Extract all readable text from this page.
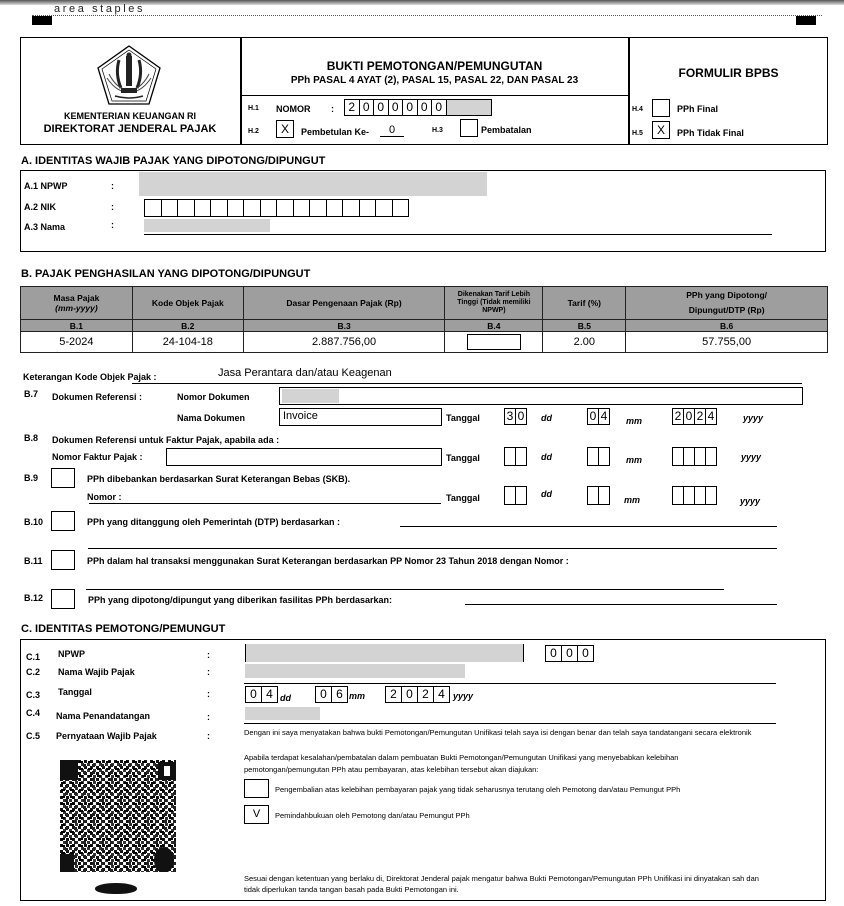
area staples
KEMENTERIAN KEUANGAN RI
DIREKTORAT JENDERAL PAJAK
BUKTI PEMOTONGAN/PEMUNGUTAN
PPh PASAL 4 AYAT (2), PASAL 15, PASAL 22, DAN PASAL 23
FORMULIR BPBS
H.1 NOMOR :	2 0 0 0 0 0 0
H.2	X	Pembetulan Ke-	0	H.3	Pembatalan
H.4	PPh Final
H.5	X	PPh Tidak Final
A. IDENTITAS WAJIB PAJAK YANG DIPOTONG/DIPUNGUT
A.1 NPWP	:
A.2 NIK	:
A.3 Nama	:
B. PAJAK PENGHASILAN YANG DIPOTONG/DIPUNGUT
Masa Pajak
(mm-yyyy)	Kode Objek Pajak	Dasar Pengenaan Pajak (Rp)	Dikenakan Tarif Lebih Tinggi (Tidak memiliki NPWP)	Tarif (%)	PPh yang Dipotong/
Dipungut/DTP (Rp)
B.1	B.2	B.3	B.4	B.5	B.6
5-2024	24-104-18	2.887.756,00		2.00	57.755,00
Keterangan Kode Objek Pajak :	Jasa Perantara dan/atau Keagenan
B.7 Dokumen Referensi :	Nomor Dokumen
Nama Dokumen	Invoice	Tanggal 3 0 dd	0 4 mm	2 0 2 4	yyyy
B.8 Dokumen Referensi untuk Faktur Pajak, apabila ada :
Nomor Faktur Pajak :	Tanggal	dd	mm	yyyy
B.9	PPh dibebankan berdasarkan Surat Keterangan Bebas (SKB).
Nomor :	Tanggal	dd
mm	yyyy
B.10	PPh yang ditanggung oleh Pemerintah (DTP) berdasarkan :
B.11	PPh dalam hal transaksi menggunakan Surat Keterangan berdasarkan PP Nomor 23 Tahun 2018 dengan Nomor :
B.12	PPh yang dipotong/dipungut yang diberikan fasilitas PPh berdasarkan:
C. IDENTITAS PEMOTONG/PEMUNGUT
C.1 NPWP	:	0 0 0
C.2 Nama Wajib Pajak	:
C.3 Tanggal	:	0 4 dd	0 6 mm	2 0 2 4 yyyy
C.4 Nama Penandatangan	:
C.5 Pernyataan Wajib Pajak	:	Dengan ini saya menyatakan bahwa bukti Pemotongan/Pemungutan Unifikasi telah saya isi dengan benar dan telah saya tandatangani secara elektronik
Apabila terdapat kesalahan/pembatalan dalam pembuatan Bukti Pemotongan/Pemungutan Unifikasi yang menyebabkan kelebihan pemotongan/pemungutan PPh atau pembayaran, atas kelebihan tersebut akan diajukan:
Pengembalian atas kelebihan pembayaran pajak yang tidak seharusnya terutang oleh Pemotong dan/atau Pemungut PPh
V	Pemindahbukuan oleh Pemotong dan/atau Pemungut PPh
Sesuai dengan ketentuan yang berlaku di, Direktorat Jenderal pajak mengatur bahwa Bukti Pemotongan/Pemungutan PPh Unifikasi ini dinyatakan sah dan tidak diperlukan tanda tangan basah pada Bukti Pemotongan ini.
